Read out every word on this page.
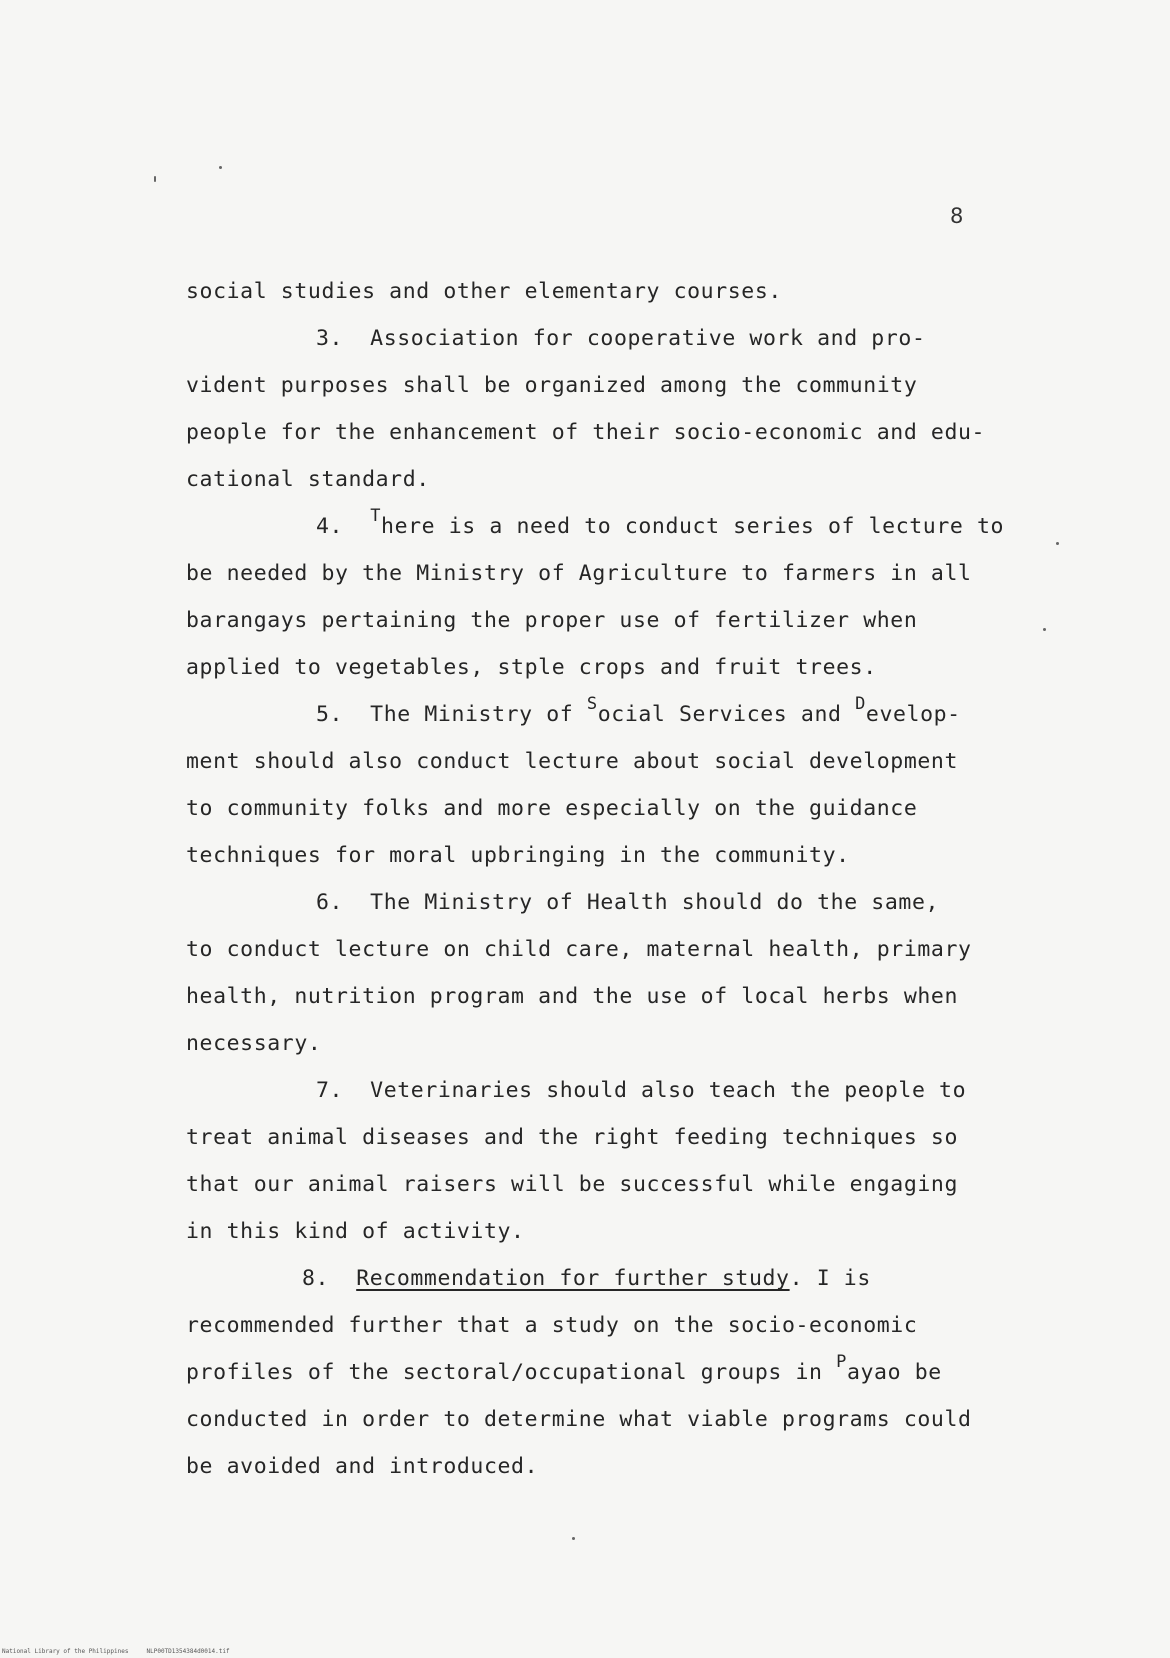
8
social studies and other elementary courses.
3.  Association for cooperative work and pro-
vident purposes shall be organized among the community
people for the enhancement of their socio-economic and edu-
cational standard.
4.  $^T$here is a need to conduct series of lecture to
be needed by the Ministry of Agriculture to farmers in all
barangays pertaining the proper use of fertilizer when
applied to vegetables, stple crops and fruit trees.
5.  The Ministry of $^S$ocial Services and $^D$evelop-
ment should also conduct lecture about social development
to community folks and more especially on the guidance
techniques for moral upbringing in the community.
6.  The Ministry of Health should do the same,
to conduct lecture on child care, maternal health, primary
health, nutrition program and the use of local herbs when
necessary.
7.  Veterinaries should also teach the people to
treat animal diseases and the right feeding techniques so
that our animal raisers will be successful while engaging
in this kind of activity.
8.  Recommendation for further study. I is
recommended further that a study on the socio-economic
profiles of the sectoral/occupational groups in $^P$ayao be
conducted in order to determine what viable programs could
be avoided and introduced.
National Library of the Philippines	NLP00TD1354384d0014.tif
